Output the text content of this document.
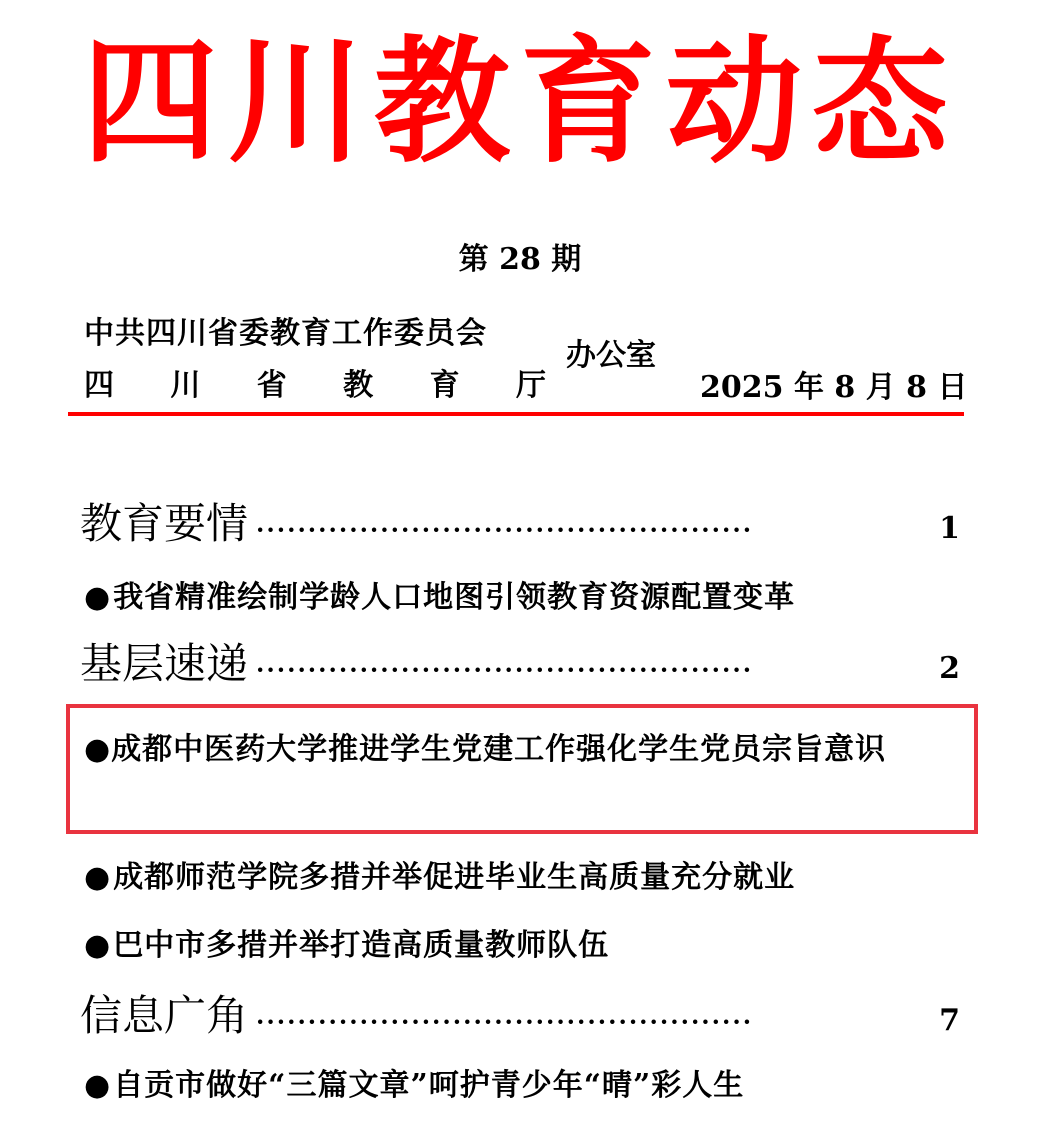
四川教育动态
第 28 期
中共四川省委教育工作委员会
四 川 省 教 育 厅
办公室
2025 年 8 月 8 日
教育要情 ················································	1
●我省精准绘制学龄人口地图引领教育资源配置变革
基层速递 ················································	2
●成都中医药大学推进学生党建工作强化学生党员宗旨意识
●成都师范学院多措并举促进毕业生高质量充分就业
●巴中市多措并举打造高质量教师队伍
信息广角 ················································	7
●自贡市做好“三篇文章”呵护青少年“晴”彩人生
